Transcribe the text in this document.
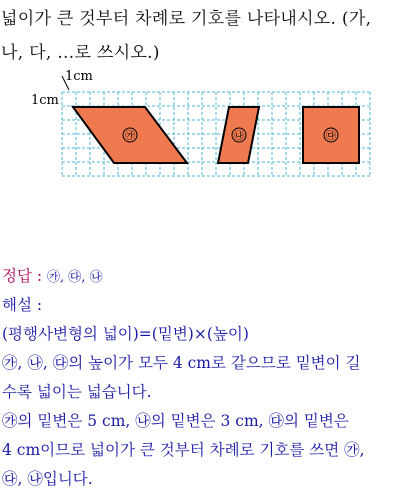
넓이가 큰 것부터 차례로 기호를 나타내시오. (가,
나, 다, …로 쓰시오.)
1cm
1cm
㉮	㉯	㉰
정답 : ㉮, ㉰, ㉯
해설 :
(평행사변형의 넓이)=(밑변)×(높이)
㉮, ㉯, ㉰의 높이가 모두 4 cm로 같으므로 밑변이 길
수록 넓이는 넓습니다.
㉮의 밑변은 5 cm, ㉯의 밑변은 3 cm, ㉰의 밑변은
4 cm이므로 넓이가 큰 것부터 차례로 기호를 쓰면 ㉮,
㉰, ㉯입니다.
